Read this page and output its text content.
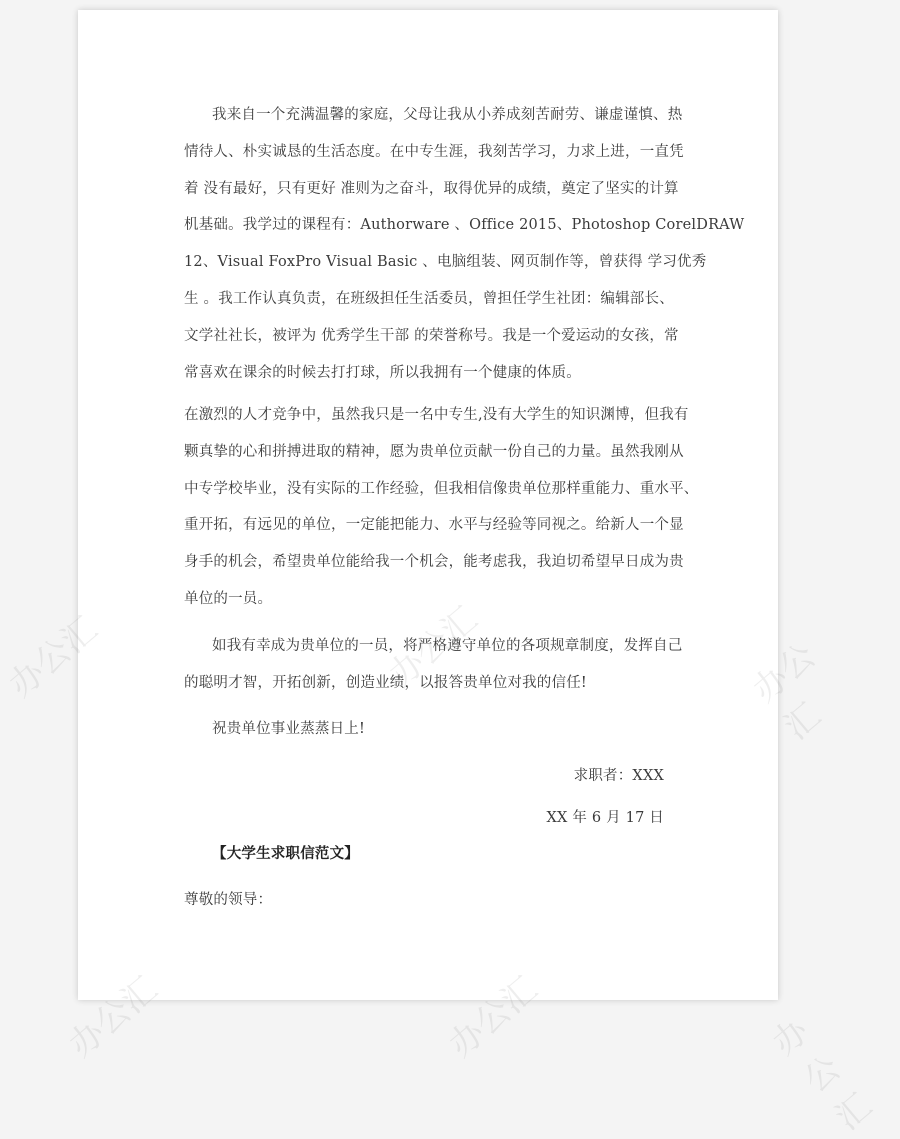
我来自一个充满温馨的家庭，父母让我从小养成刻苦耐劳、谦虚谨慎、热
情待人、朴实诚恳的生活态度。在中专生涯，我刻苦学习，力求上进，一直凭
着 没有最好，只有更好 准则为之奋斗，取得优异的成绩，奠定了坚实的计算
机基础。我学过的课程有：Authorware 、Office 2015、Photoshop CorelDRAW
12、Visual FoxPro Visual Basic 、电脑组装、网页制作等，曾获得 学习优秀
生 。我工作认真负责，在班级担任生活委员，曾担任学生社团：编辑部长、
文学社社长，被评为 优秀学生干部 的荣誉称号。我是一个爱运动的女孩，常
常喜欢在课余的时候去打打球，所以我拥有一个健康的体质。
在激烈的人才竞争中，虽然我只是一名中专生,没有大学生的知识渊博，但我有
颗真挚的心和拼搏进取的精神，愿为贵单位贡献一份自己的力量。虽然我刚从
中专学校毕业，没有实际的工作经验，但我相信像贵单位那样重能力、重水平、
重开拓，有远见的单位，一定能把能力、水平与经验等同视之。给新人一个显
身手的机会，希望贵单位能给我一个机会，能考虑我，我迫切希望早日成为贵
单位的一员。
如我有幸成为贵单位的一员，将严格遵守单位的各项规章制度，发挥自己
的聪明才智，开拓创新，创造业绩，以报答贵单位对我的信任!
祝贵单位事业蒸蒸日上!
求职者：XXX
XX 年 6 月 17 日
【大学生求职信范文】
尊敬的领导：
办公汇	办公汇
办公汇	办公汇	办公汇
